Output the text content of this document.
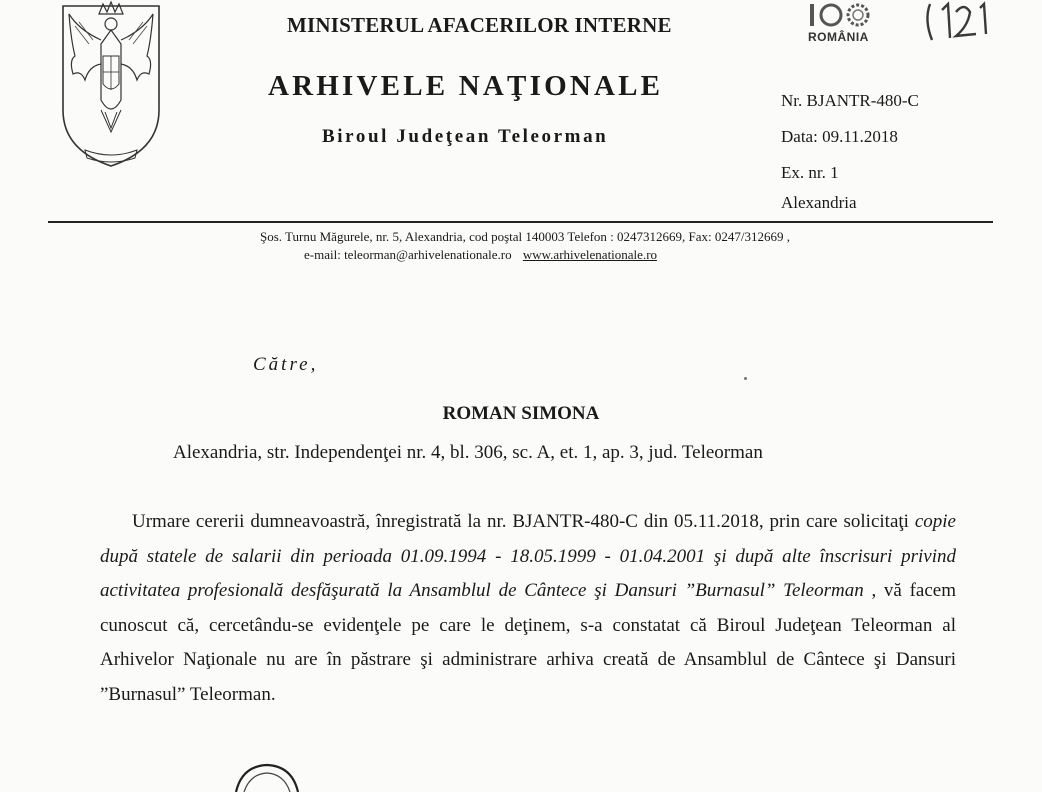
MINISTERUL AFACERILOR INTERNE
ARHIVELE NAŢIONALE
Biroul Judeţean Teleorman
ROMÂNIA
Nr. BJANTR-480-C
Data: 09.11.2018
Ex. nr. 1
Alexandria
Şos. Turnu Măgurele, nr. 5, Alexandria, cod poştal 140003 Telefon : 0247312669, Fax: 0247/312669 ,
e-mail: teleorman@arhivelenationale.ro www.arhivelenationale.ro
Către,
ROMAN SIMONA
Alexandria, str. Independenţei nr. 4, bl. 306, sc. A, et. 1, ap. 3, jud. Teleorman

Urmare cererii dumneavoastră, înregistrată la nr. BJANTR-480-C din 05.11.2018, prin care solicitaţi copie după statele de salarii din perioada 01.09.1994 - 18.05.1999 - 01.04.2001 şi după alte înscrisuri privind activitatea profesională desfăşurată la Ansamblul de Cântece şi Dansuri ”Burnasul” Teleorman , vă facem cunoscut că, cercetându-se evidenţele pe care le deţinem, s-a constatat că Biroul Judeţean Teleorman al Arhivelor Naţionale nu are în păstrare şi administrare arhiva creată de Ansamblul de Cântece şi Dansuri ”Burnasul” Teleorman.
